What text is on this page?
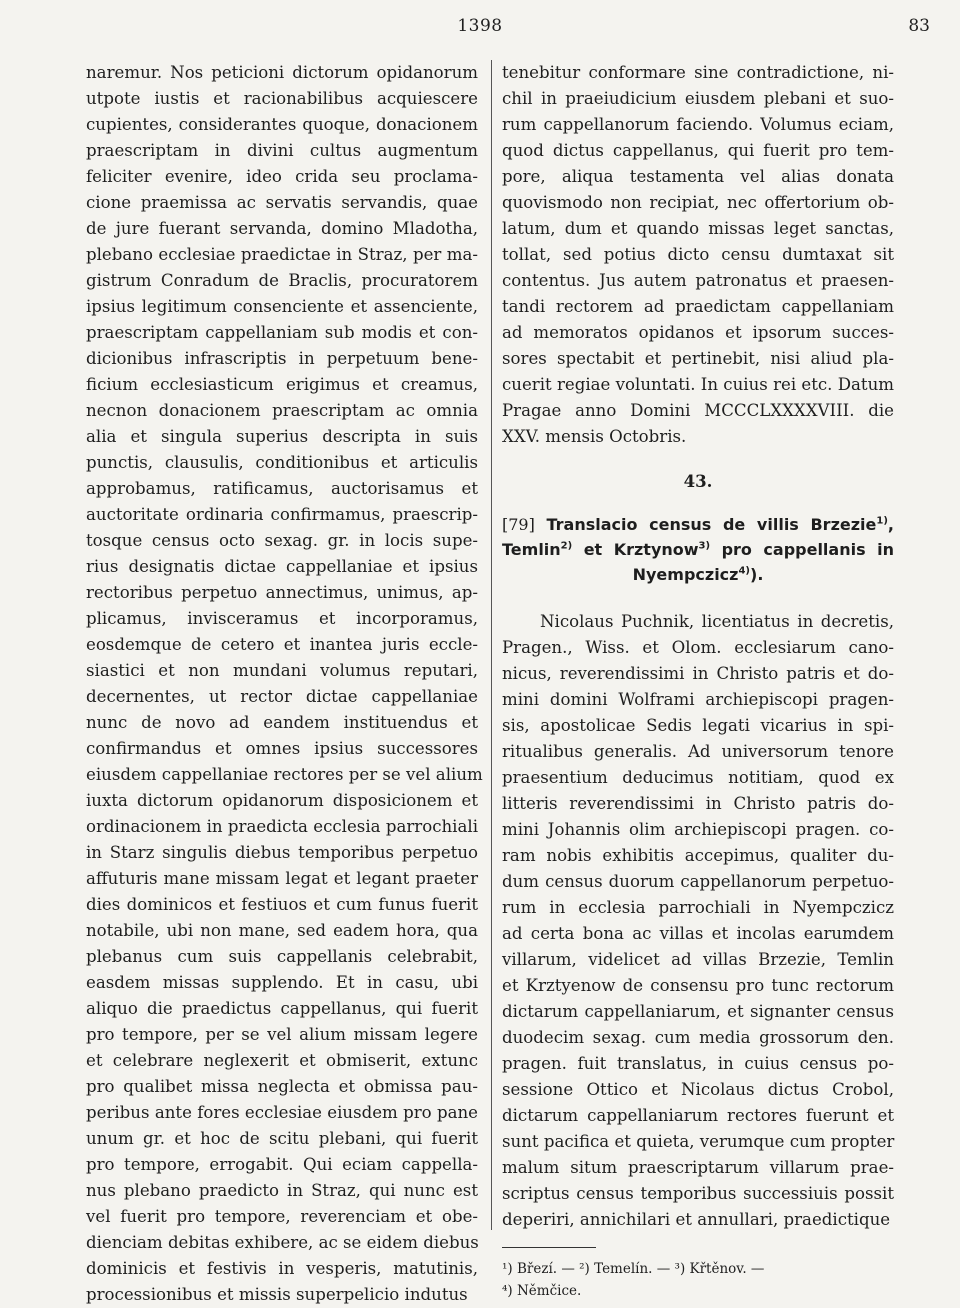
1398	83
naremur. Nos peticioni dictorum opidanorum
utpote iustis et racionabilibus acquiescere
cupientes, considerantes quoque, donacionem
praescriptam in divini cultus augmentum
feliciter evenire, ideo crida seu proclama-
cione praemissa ac servatis servandis, quae
de jure fuerant servanda, domino Mladotha,
plebano ecclesiae praedictae in Straz, per ma-
gistrum Conradum de Braclis, procuratorem
ipsius legitimum consenciente et assenciente,
praescriptam cappellaniam sub modis et con-
dicionibus infrascriptis in perpetuum bene-
ficium ecclesiasticum erigimus et creamus,
necnon donacionem praescriptam ac omnia
alia et singula superius descripta in suis
punctis, clausulis, conditionibus et articulis
approbamus, ratificamus, auctorisamus et
auctoritate ordinaria confirmamus, praescrip-
tosque census octo sexag. gr. in locis supe-
rius designatis dictae cappellaniae et ipsius
rectoribus perpetuo annectimus, unimus, ap-
plicamus, invisceramus et incorporamus,
eosdemque de cetero et inantea juris eccle-
siastici et non mundani volumus reputari,
decernentes, ut rector dictae cappellaniae
nunc de novo ad eandem instituendus et
confirmandus et omnes ipsius successores
eiusdem cappellaniae rectores per se vel alium
iuxta dictorum opidanorum disposicionem et
ordinacionem in praedicta ecclesia parrochiali
in Starz singulis diebus temporibus perpetuo
affuturis mane missam legat et legant praeter
dies dominicos et festiuos et cum funus fuerit
notabile, ubi non mane, sed eadem hora, qua
plebanus cum suis cappellanis celebrabit,
easdem missas supplendo. Et in casu, ubi
aliquo die praedictus cappellanus, qui fuerit
pro tempore, per se vel alium missam legere
et celebrare neglexerit et obmiserit, extunc
pro qualibet missa neglecta et obmissa pau-
peribus ante fores ecclesiae eiusdem pro pane
unum gr. et hoc de scitu plebani, qui fuerit
pro tempore, errogabit. Qui eciam cappella-
nus plebano praedicto in Straz, qui nunc est
vel fuerit pro tempore, reverenciam et obe-
dienciam debitas exhibere, ac se eidem diebus
dominicis et festivis in vesperis, matutinis,
processionibus et missis superpelicio indutus
tenebitur conformare sine contradictione, ni-
chil in praeiudicium eiusdem plebani et suo-
rum cappellanorum faciendo. Volumus eciam,
quod dictus cappellanus, qui fuerit pro tem-
pore, aliqua testamenta vel alias donata
quovismodo non recipiat, nec offertorium ob-
latum, dum et quando missas leget sanctas,
tollat, sed potius dicto censu dumtaxat sit
contentus. Jus autem patronatus et praesen-
tandi rectorem ad praedictam cappellaniam
ad memoratos opidanos et ipsorum succes-
sores spectabit et pertinebit, nisi aliud pla-
cuerit regiae voluntati. In cuius rei etc. Datum
Pragae anno Domini MCCCLXXXXVIII. die
XXV. mensis Octobris.
43.
[79] Translacio census de villis Brzezie$^{1)}$,
Temlin$^{2)}$ et Krztynow$^{3)}$ pro cappellanis in
Nyempczicz$^{4)}$).
Nicolaus Puchnik, licentiatus in decretis,
Pragen., Wiss. et Olom. ecclesiarum cano-
nicus, reverendissimi in Christo patris et do-
mini domini Wolframi archiepiscopi pragen-
sis, apostolicae Sedis legati vicarius in spi-
ritualibus generalis. Ad universorum tenore
praesentium deducimus notitiam, quod ex
litteris reverendissimi in Christo patris do-
mini Johannis olim archiepiscopi pragen. co-
ram nobis exhibitis accepimus, qualiter du-
dum census duorum cappellanorum perpetuo-
rum in ecclesia parrochiali in Nyempczicz
ad certa bona ac villas et incolas earumdem
villarum, videlicet ad villas Brzezie, Temlin
et Krztyenow de consensu pro tunc rectorum
dictarum cappellaniarum, et signanter census
duodecim sexag. cum media grossorum den.
pragen. fuit translatus, in cuius census po-
sessione Ottico et Nicolaus dictus Crobol,
dictarum cappellaniarum rectores fuerunt et
sunt pacifica et quieta, verumque cum propter
malum situm praescriptarum villarum prae-
scriptus census temporibus successiuis possit
deperiri, annichilari et annullari, praedictique
¹) Březí. — ²) Temelín. — ³) Křtěnov. —
⁴) Němčice.
